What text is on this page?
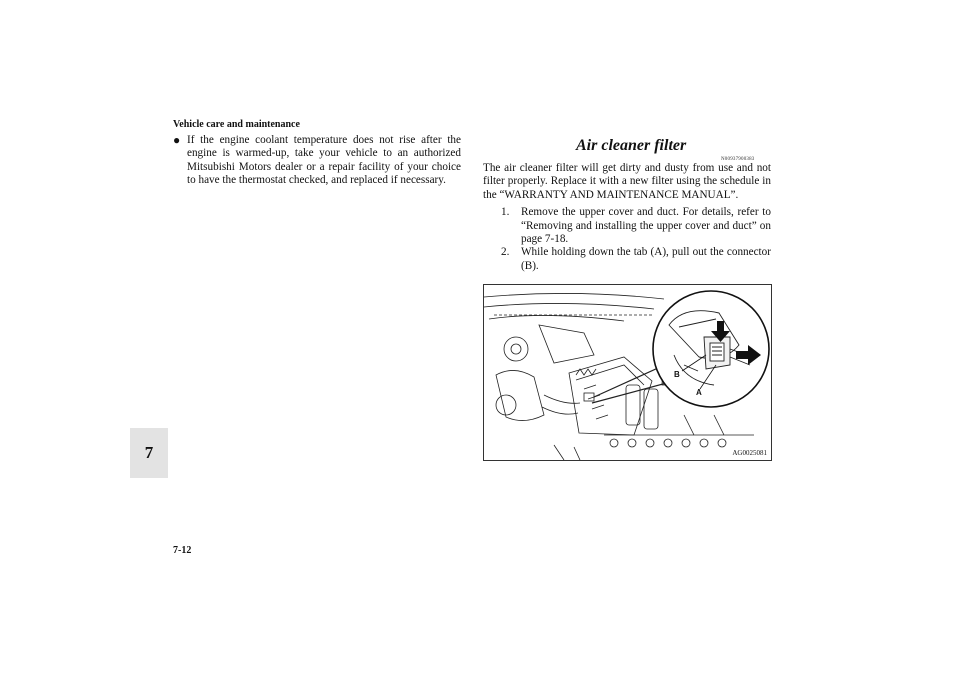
Vehicle care and maintenance
7
7-12
● If the engine coolant temperature does not rise after the engine is warmed-up, take your vehicle to an authorized Mitsubishi Motors dealer or a repair facility of your choice to have the thermostat checked, and replaced if necessary.
Air cleaner filter
N00937900383

The air cleaner filter will get dirty and dusty from use and not filter properly. Replace it with a new filter using the schedule in the “WARRANTY AND MAINTENANCE MANUAL”.

1.	Remove the upper cover and duct. For details, refer to “Removing and installing the upper cover and duct” on page 7-18.
2.	While holding down the tab (A), pull out the connector (B).
B
A
AG0025081
